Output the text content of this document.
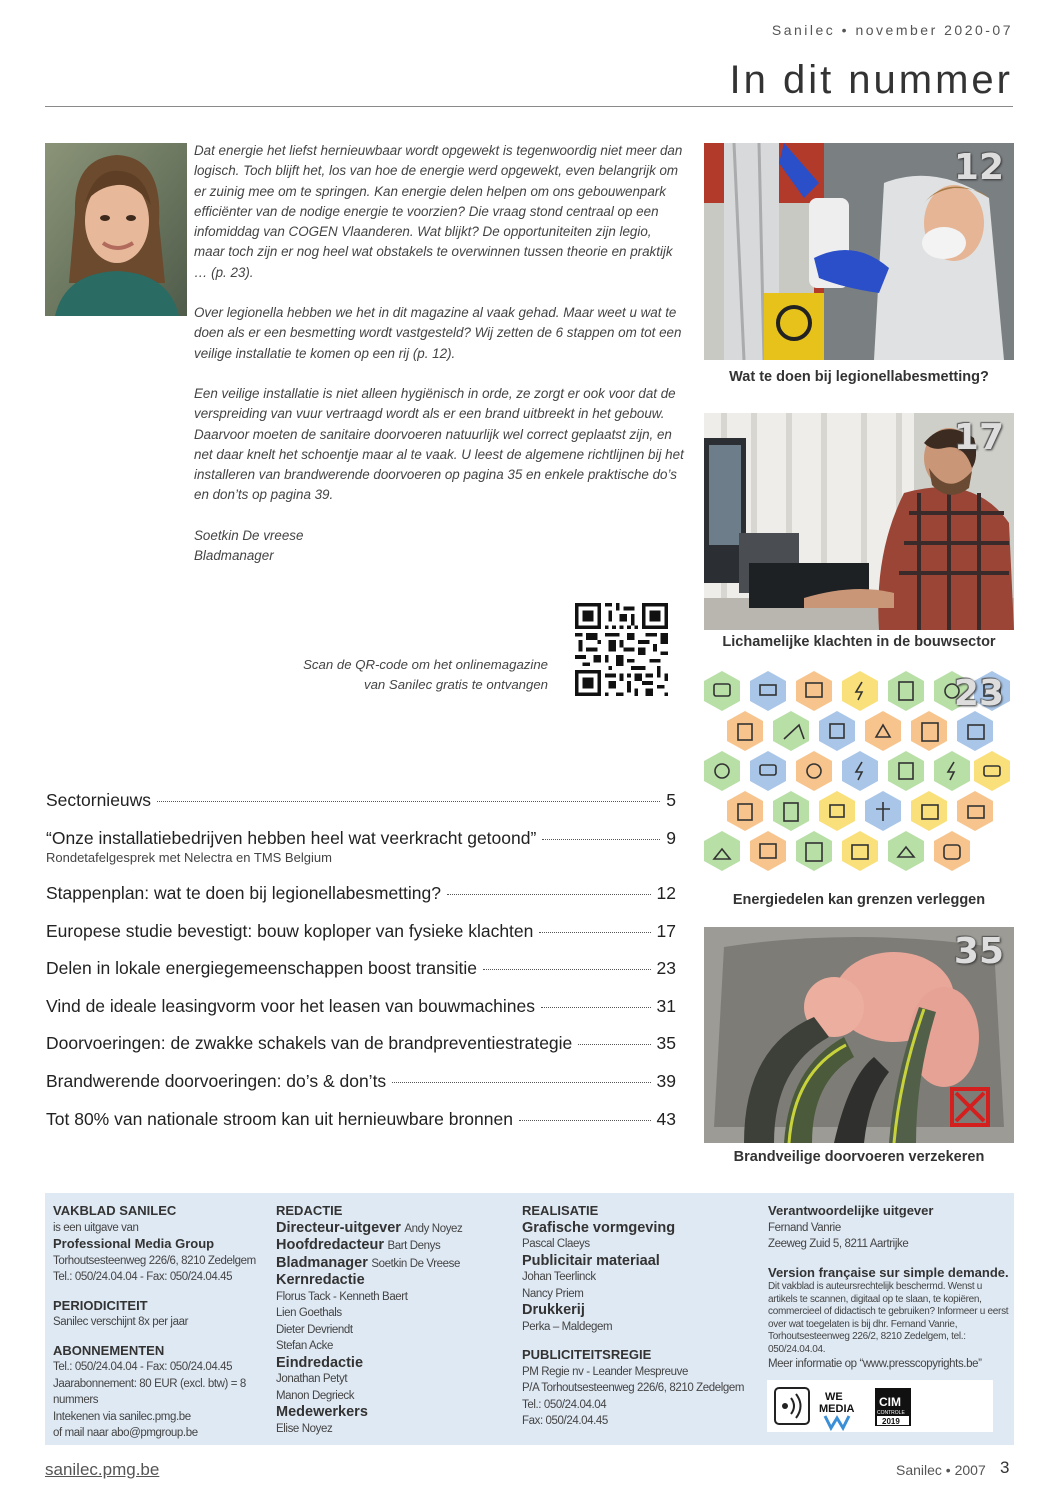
Sanilec • november 2020-07
In dit nummer

Dat energie het liefst hernieuwbaar wordt opgewekt is tegenwoordig niet meer dan logisch. Toch blijft het, los van hoe de energie werd opgewekt, even belangrijk om er zuinig mee om te springen. Kan energie delen helpen om ons gebouwenpark efficiënter van de nodige energie te voorzien? Die vraag stond centraal op een infomiddag van COGEN Vlaanderen. Wat blijkt? De opportuniteiten zijn legio, maar toch zijn er nog heel wat obstakels te overwinnen tussen theorie en praktijk … (p. 23).

Over legionella hebben we het in dit magazine al vaak gehad. Maar weet u wat te doen als er een besmetting wordt vastgesteld? Wij zetten de 6 stappen om tot een veilige installatie te komen op een rij (p. 12).

Een veilige installatie is niet alleen hygiënisch in orde, ze zorgt er ook voor dat de verspreiding van vuur vertraagd wordt als er een brand uitbreekt in het gebouw. Daarvoor moeten de sanitaire doorvoeren natuurlijk wel correct geplaatst zijn, en net daar knelt het schoentje maar al te vaak. U leest de algemene richtlijnen bij het installeren van brandwerende doorvoeren op pagina 35 en enkele praktische do’s en don’ts op pagina 39.

Soetkin De vreese
Bladmanager
Scan de QR-code om het onlinemagazine
van Sanilec gratis te ontvangen
Sectornieuws	5
“Onze installatiebedrijven hebben heel wat veerkracht getoond”	9
Rondetafelgesprek met Nelectra en TMS Belgium
Stappenplan: wat te doen bij legionellabesmetting?	12
Europese studie bevestigt: bouw koploper van fysieke klachten	17
Delen in lokale energiegemeenschappen boost transitie	23
Vind de ideale leasingvorm voor het leasen van bouwmachines	31
Doorvoeringen: de zwakke schakels van de brandpreventiestrategie	35
Brandwerende doorvoeringen: do’s & don’ts	39
Tot 80% van nationale stroom kan uit hernieuwbare bronnen	43
12
Wat te doen bij legionellabesmetting?
17
Lichamelijke klachten in de bouwsector
23
Energiedelen kan grenzen verleggen
35
Brandveilige doorvoeren verzekeren
VAKBLAD SANILEC
is een uitgave van
Professional Media Group
Torhoutsesteenweg 226/6, 8210 Zedelgem
Tel.: 050/24.04.04 - Fax: 050/24.04.45
PERIODICITEIT
Sanilec verschijnt 8x per jaar
ABONNEMENTEN
Tel.: 050/24.04.04 - Fax: 050/24.04.45
Jaarabonnement: 80 EUR (excl. btw) = 8 nummers
Intekenen via sanilec.pmg.be
of mail naar abo@pmgroup.be
REDACTIE
Directeur-uitgever Andy Noyez
Hoofdredacteur Bart Denys
Bladmanager Soetkin De Vreese
Kernredactie
Florus Tack - Kenneth Baert
Lien Goethals
Dieter Devriendt
Stefan Acke
Eindredactie
Jonathan Petyt
Manon Degrieck
Medewerkers
Elise Noyez
REALISATIE
Grafische vormgeving
Pascal Claeys
Publicitair materiaal
Johan Teerlinck
Nancy Priem
Drukkerij
Perka – Maldegem
PUBLICITEITSREGIE
PM Regie nv - Leander Mespreuve
P/A Torhoutsesteenweg 226/6, 8210 Zedelgem
Tel.: 050/24.04.04
Fax: 050/24.04.45
Verantwoordelijke uitgever
Fernand Vanrie
Zeeweg Zuid 5, 8211 Aartrijke
Version française sur simple demande.
Dit vakblad is auteursrechtelijk beschermd. Wenst u artikels te scannen, digitaal op te slaan, te kopiëren, commercieel of didactisch te gebruiken? Informeer u eerst over wat toegelaten is bij dhr. Fernand Vanrie, Torhoutsesteenweg 226/2, 8210 Zedelgem, tel.: 050/24.04.04.
Meer informatie op “www.presscopyrights.be”
WE
MEDIA CIM
CONTROLE
2019
sanilec.pmg.be	Sanilec • 2007 3
